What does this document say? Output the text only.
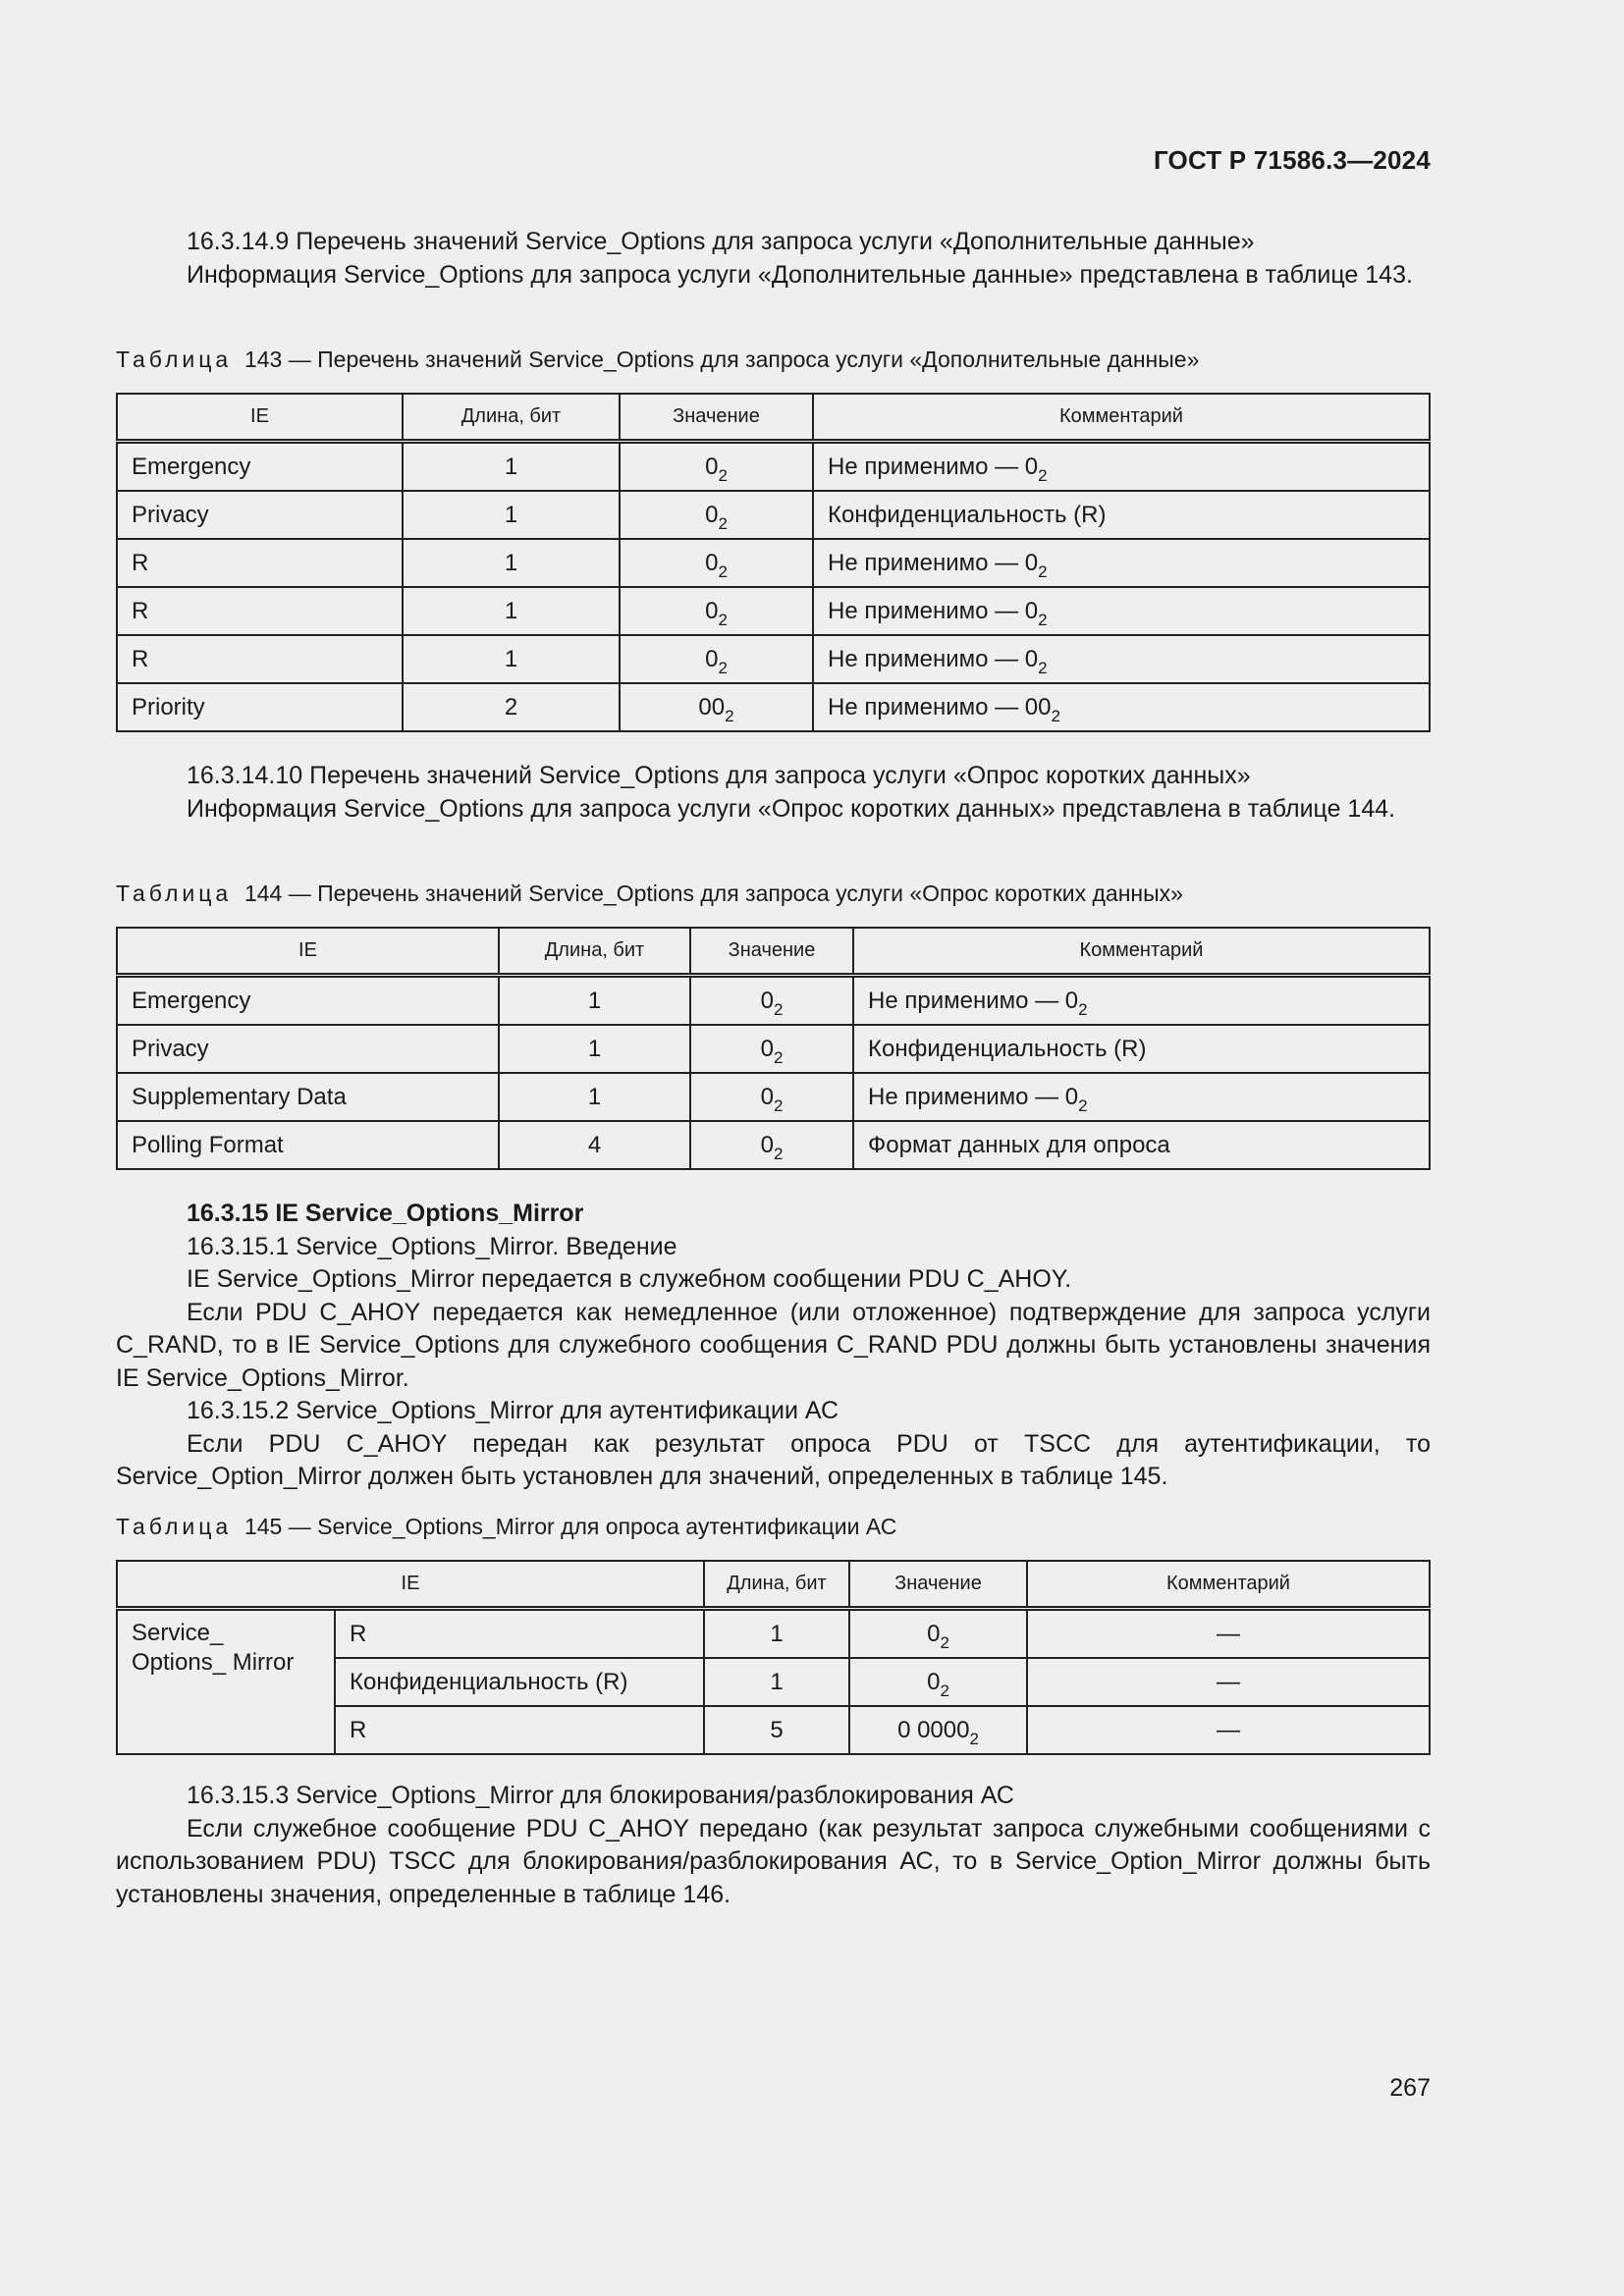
ГОСТ Р 71586.3—2024

16.3.14.9 Перечень значений Service_Options для запроса услуги «Дополнительные данные»

Информация Service_Options для запроса услуги «Дополнительные данные» представлена в таблице 143.

Таблица 143 — Перечень значений Service_Options для запроса услуги «Дополнительные данные»

IE	Длина, бит	Значение	Комментарий
Emergency	1	$0_2$	Не применимо — $0_2$
Privacy	1	$0_2$	Конфиденциальность (R)
R	1	$0_2$	Не применимо — $0_2$
R	1	$0_2$	Не применимо — $0_2$
R	1	$0_2$	Не применимо — $0_2$
Priority	2	$00_2$	Не применимо — $00_2$

16.3.14.10 Перечень значений Service_Options для запроса услуги «Опрос коротких данных»

Информация Service_Options для запроса услуги «Опрос коротких данных» представлена в таблице 144.

Таблица 144 — Перечень значений Service_Options для запроса услуги «Опрос коротких данных»

IE	Длина, бит	Значение	Комментарий
Emergency	1	$0_2$	Не применимо — $0_2$
Privacy	1	$0_2$	Конфиденциальность (R)
Supplementary Data	1	$0_2$	Не применимо — $0_2$
Polling Format	4	$0_2$	Формат данных для опроса

16.3.15 IE Service_Options_Mirror

16.3.15.1 Service_Options_Mirror. Введение

IE Service_Options_Mirror передается в служебном сообщении PDU C_AHOY.

Если PDU C_AHOY передается как немедленное (или отложенное) подтверждение для запроса услуги C_RAND, то в IE Service_Options для служебного сообщения C_RAND PDU должны быть установлены значения IE Service_Options_Mirror.

16.3.15.2 Service_Options_Mirror для аутентификации АС

Если PDU C_AHOY передан как результат опроса PDU от TSCC для аутентификации, то Service_Option_Mirror должен быть установлен для значений, определенных в таблице 145.

Таблица 145 — Service_Options_Mirror для опроса аутентификации АС

IE		Длина, бит	Значение	Комментарий

Service_
Options_ Mirror	R	1	$0_2$	—
	Конфиденциальность (R)	1	$0_2$	—
	R	5	0 $0000_2$	—

16.3.15.3 Service_Options_Mirror для блокирования/разблокирования АС

Если служебное сообщение PDU C_AHOY передано (как результат запроса служебными сообщениями с использованием PDU) TSCC для блокирования/разблокирования АС, то в Service_Option_Mirror должны быть установлены значения, определенные в таблице 146.

267
